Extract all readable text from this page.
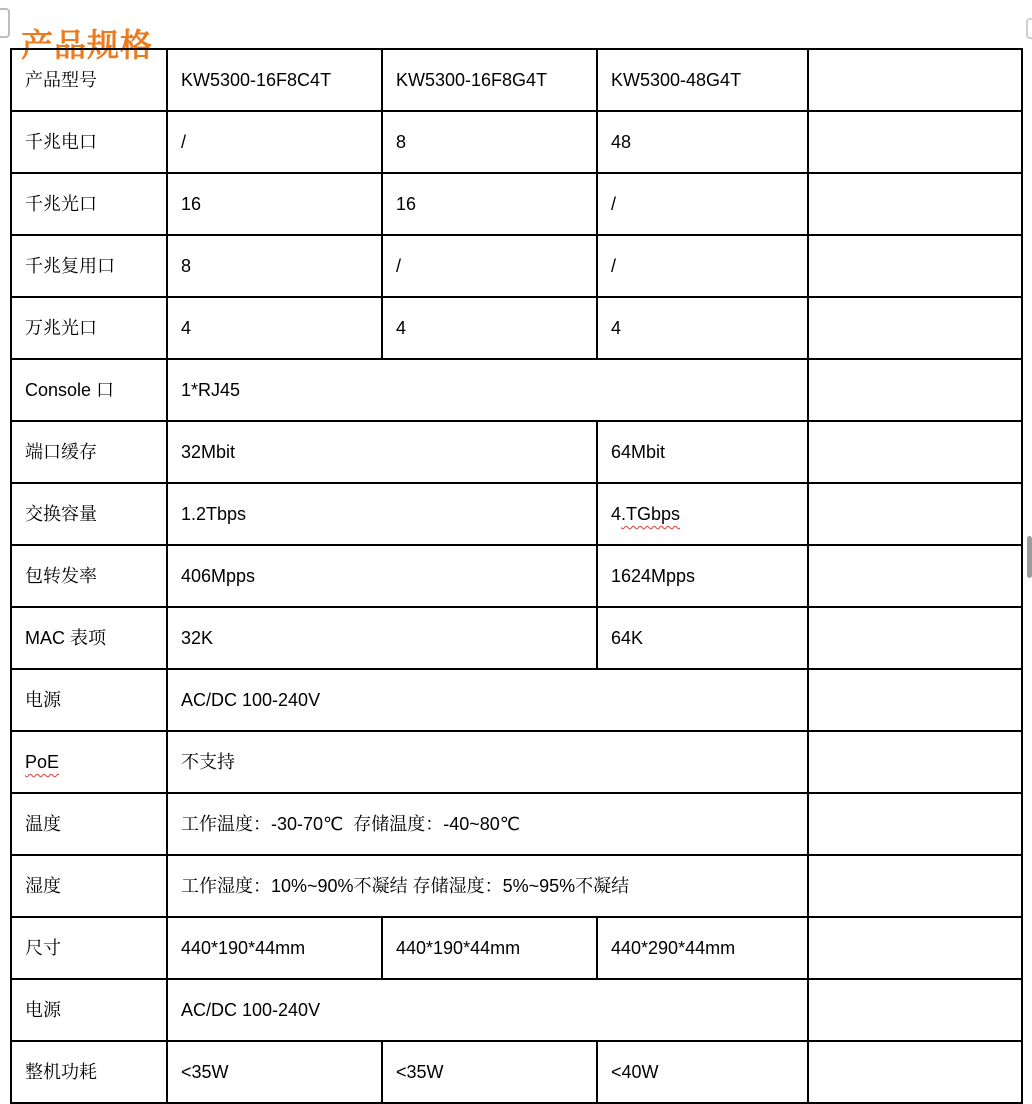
产品规格
产品型号	KW5300-16F8C4T	KW5300-16F8G4T	KW5300-48G4T	
千兆电口	/	8	48	
千兆光口	16	16	/	
千兆复用口	8	/	/	
万兆光口	4	4	4	
Console 口	1*RJ45			
端口缓存	32Mbit		64Mbit	
交换容量	1.2Tbps		4.TGbps	
包转发率	406Mpps		1624Mpps	
MAC 表项	32K		64K	
电源	AC/DC 100-240V			
PoE	不支持			
温度	工作温度：-30-70℃  存储温度：-40~80℃			
湿度	工作湿度：10%~90%不凝结 存储湿度：5%~95%不凝结			
尺寸	440*190*44mm	440*190*44mm	440*290*44mm	
电源	AC/DC 100-240V			
整机功耗	<35W	<35W	<40W	
